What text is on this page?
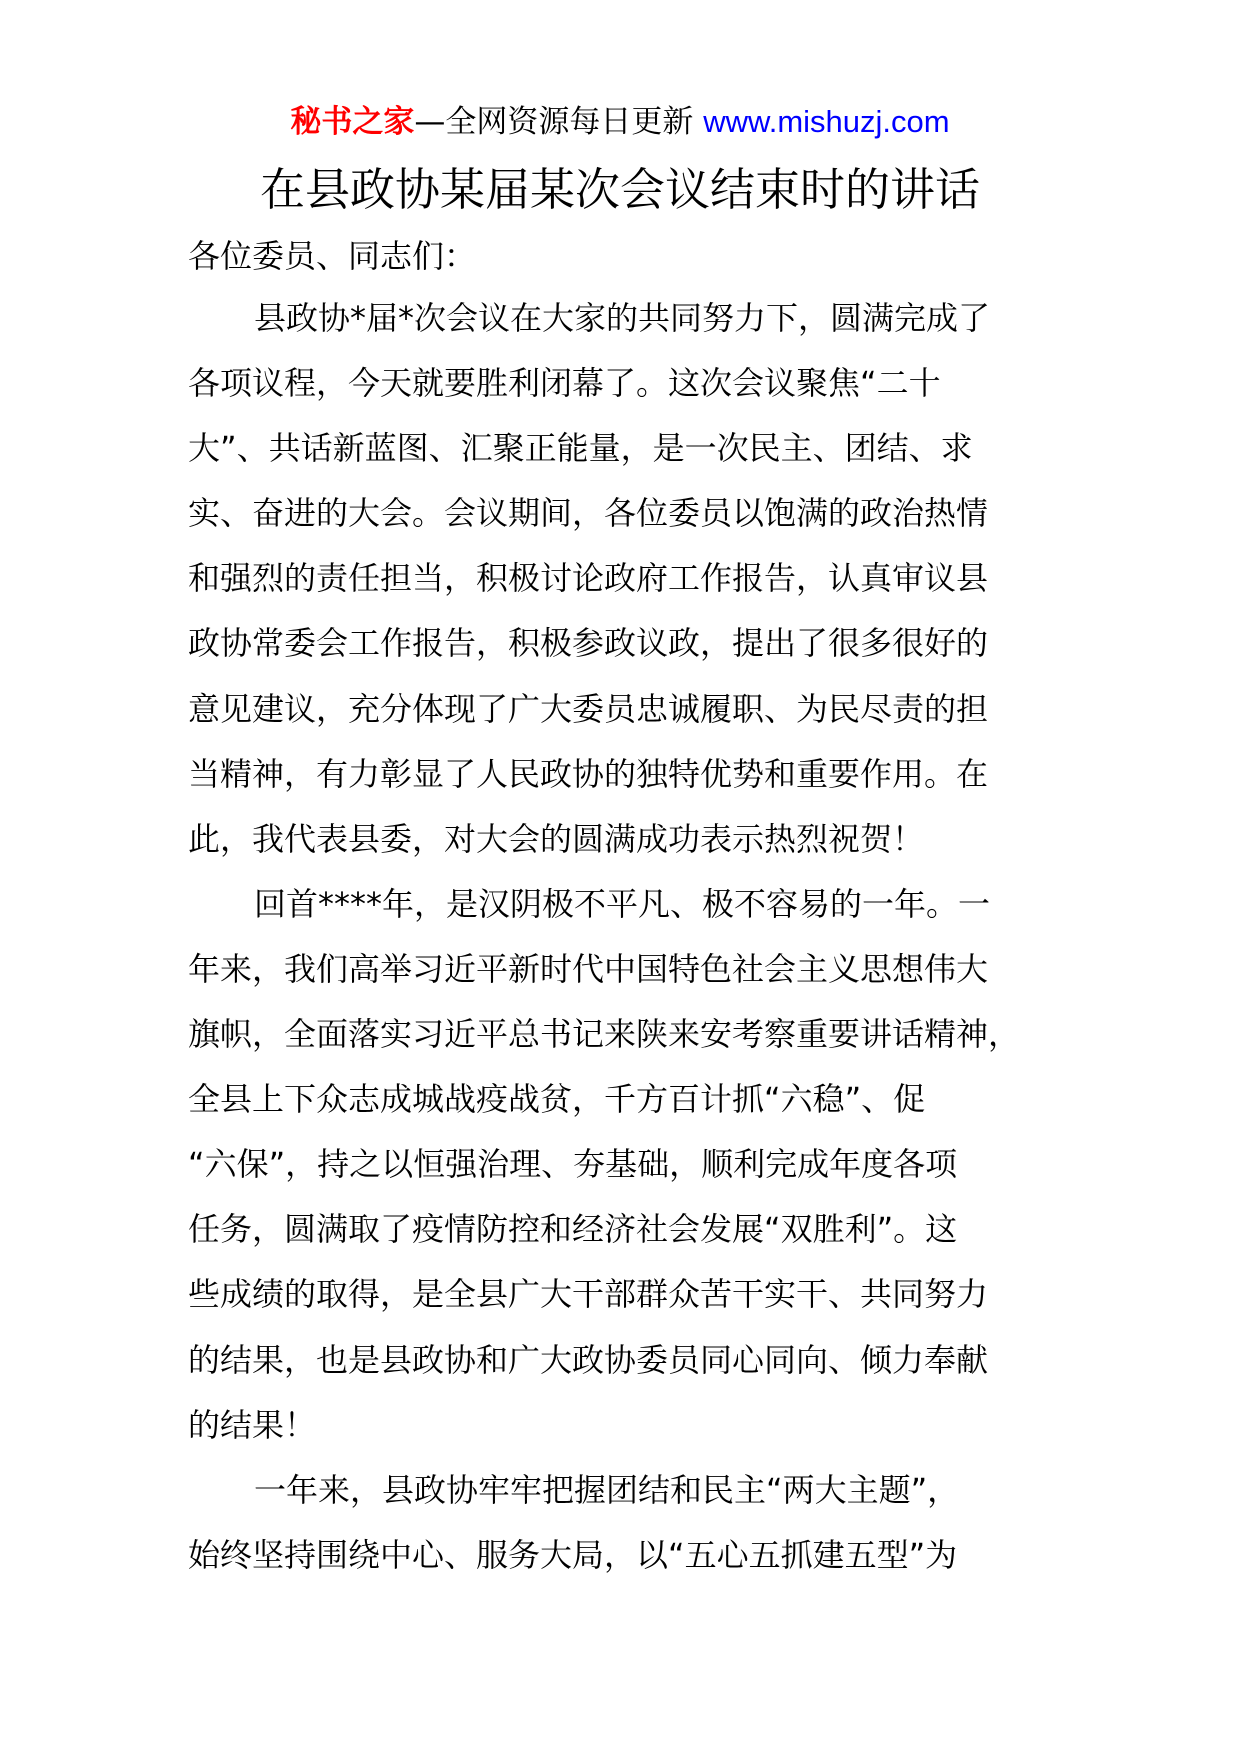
秘书之家—全网资源每日更新 www.mishuzj.com
在县政协某届某次会议结束时的讲话
各位委员、同志们：
县政协*届*次会议在大家的共同努力下，圆满完成了
各项议程，今天就要胜利闭幕了。这次会议聚焦“二十
大”、共话新蓝图、汇聚正能量，是一次民主、团结、求
实、奋进的大会。会议期间，各位委员以饱满的政治热情
和强烈的责任担当，积极讨论政府工作报告，认真审议县
政协常委会工作报告，积极参政议政，提出了很多很好的
意见建议，充分体现了广大委员忠诚履职、为民尽责的担
当精神，有力彰显了人民政协的独特优势和重要作用。在
此，我代表县委，对大会的圆满成功表示热烈祝贺！
回首****年，是汉阴极不平凡、极不容易的一年。一
年来，我们高举习近平新时代中国特色社会主义思想伟大
旗帜，全面落实习近平总书记来陕来安考察重要讲话精神，
全县上下众志成城战疫战贫，千方百计抓“六稳”、促
“六保”，持之以恒强治理、夯基础，顺利完成年度各项
任务，圆满取了疫情防控和经济社会发展“双胜利”。这
些成绩的取得，是全县广大干部群众苦干实干、共同努力
的结果，也是县政协和广大政协委员同心同向、倾力奉献
的结果！
一年来，县政协牢牢把握团结和民主“两大主题”，
始终坚持围绕中心、服务大局，以“五心五抓建五型”为
